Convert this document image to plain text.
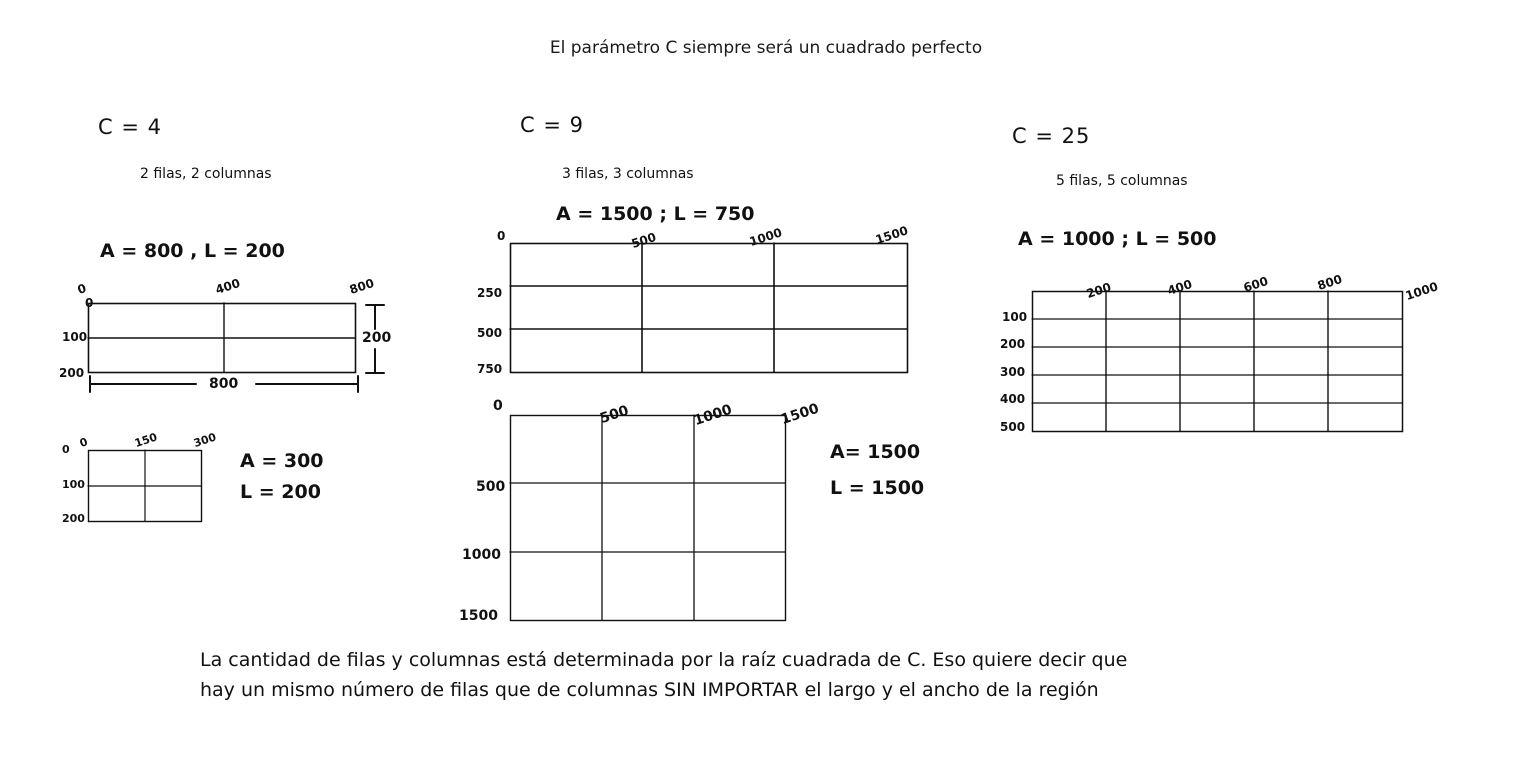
El parámetro C siempre será un cuadrado perfecto
C = 4
2 filas, 2 columnas
A = 800 , L = 200
0	400	800
0
100
200
200
800
0	150	300
0
100
200
A = 300
L = 200
C = 9
3 filas, 3 columnas
A = 1500 ; L = 750
0	500	1000	1500
250
500
750
0	500	1000	1500
500
1000
1500
A= 1500
L = 1500
C = 25
5 filas, 5 columnas
A = 1000 ; L = 500
200	400	600	800	1000
100
200
300
400
500
La cantidad de filas y columnas está determinada por la raíz cuadrada de C. Eso quiere decir que
hay un mismo número de filas que de columnas SIN IMPORTAR el largo y el ancho de la región
